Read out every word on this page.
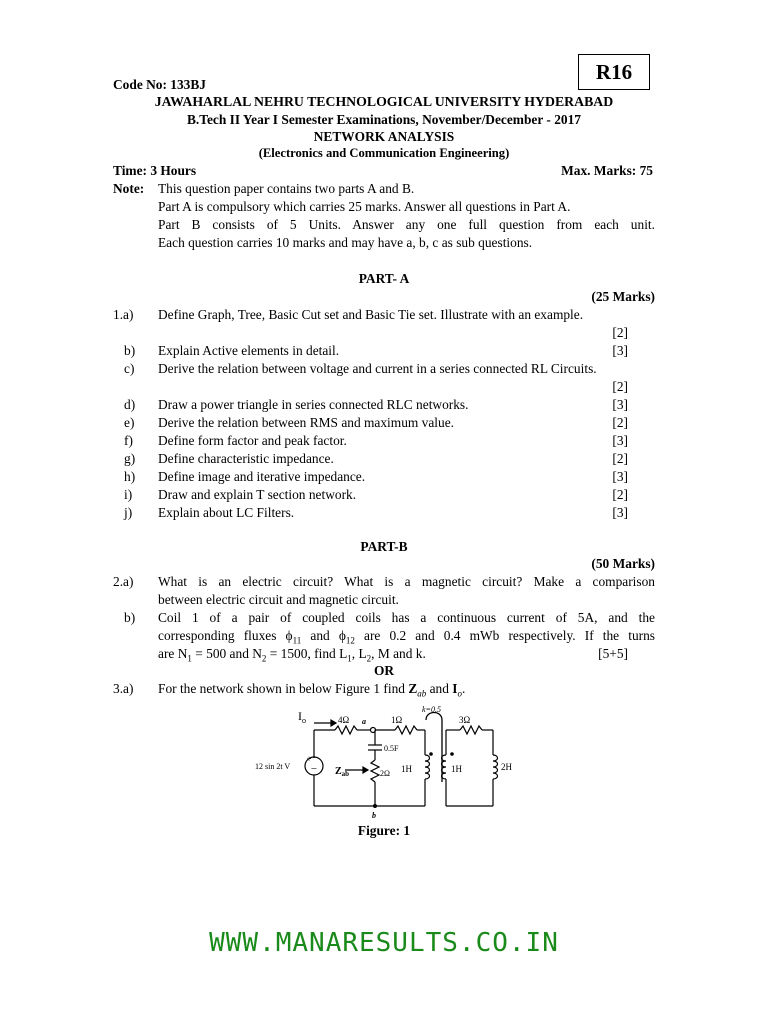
R16
Code No: 133BJ
JAWAHARLAL NEHRU TECHNOLOGICAL UNIVERSITY HYDERABAD
B.Tech II Year I Semester Examinations, November/December - 2017
NETWORK ANALYSIS
(Electronics and Communication Engineering)
Time: 3 Hours	Max. Marks: 75
Note: This question paper contains two parts A and B.
Part A is compulsory which carries 25 marks. Answer all questions in Part A.
Part B consists of 5 Units. Answer any one full question from each unit.
Each question carries 10 marks and may have a, b, c as sub questions.
PART- A
(25 Marks)
1.a) Define Graph, Tree, Basic Cut set and Basic Tie set. Illustrate with an example.
[2]
b) Explain Active elements in detail.	[3]
c) Derive the relation between voltage and current in a series connected RL Circuits.
[2]
d) Draw a power triangle in series connected RLC networks.	[3]
e) Derive the relation between RMS and maximum value.	[2]
f) Define form factor and peak factor.	[3]
g) Define characteristic impedance.	[2]
h) Define image and iterative impedance.	[3]
i) Draw and explain T section network.	[2]
j) Explain about LC Filters.	[3]
PART-B
(50 Marks)
2.a) What is an electric circuit? What is a magnetic circuit? Make a comparison
between electric circuit and magnetic circuit.
b) Coil 1 of a pair of coupled coils has a continuous current of 5A, and the
corresponding fluxes $\phi_{11}$ and $\phi_{12}$ are 0.2 and 0.4 mWb respectively. If the turns
are $N_1 = 500$ and $N_2 = 1500$, find $L_1$, $L_2$, M and k.	[5+5]
OR
3.a) For the network shown in below Figure 1 find $Z_{ab}$ and $I_o$.
+
−
$I_o$	4Ω a	1Ω
k=0.5
3Ω
0.5F
12 sin 2t V	$Z_{ab}$	2Ω 1H	1H	2H
b
Figure: 1
WWW.MANARESULTS.CO.IN
